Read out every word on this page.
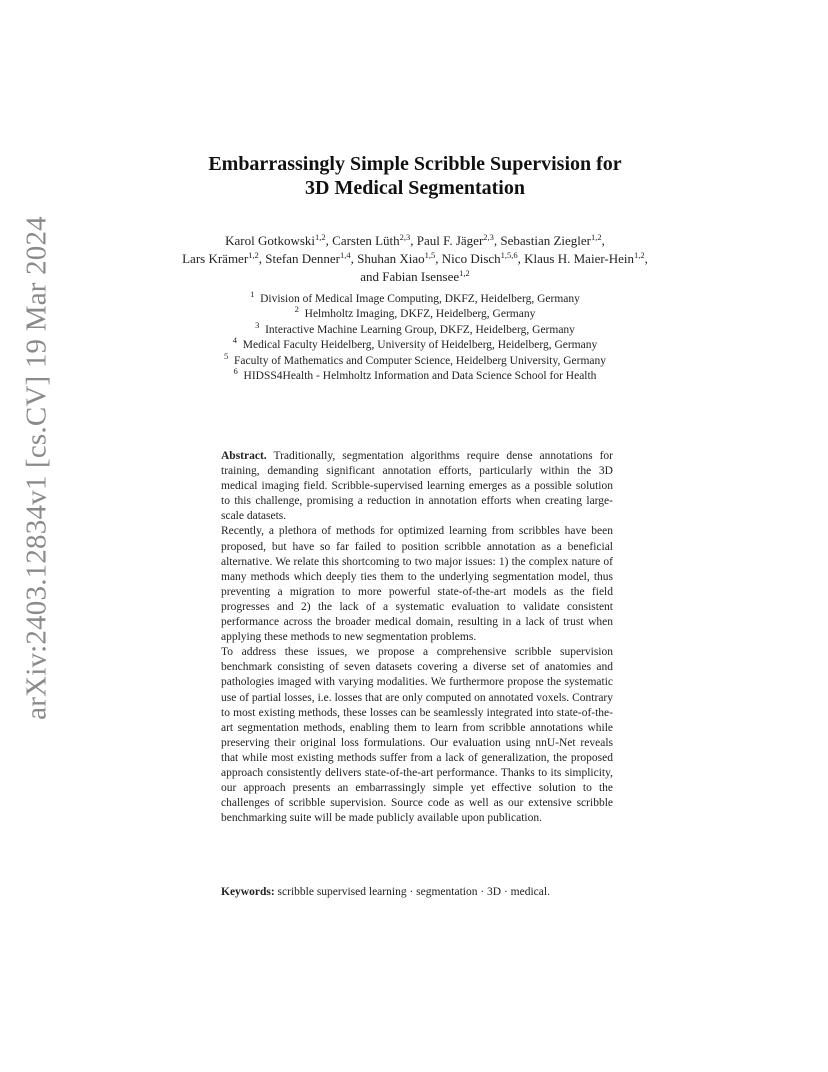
arXiv:2403.12834v1 [cs.CV] 19 Mar 2024
Embarrassingly Simple Scribble Supervision for
3D Medical Segmentation
Karol Gotkowski$^{1,2}$, Carsten Lüth$^{2,3}$, Paul F. Jäger$^{2,3}$, Sebastian Ziegler$^{1,2}$,
Lars Krämer$^{1,2}$, Stefan Denner$^{1,4}$, Shuhan Xiao$^{1,5}$, Nico Disch$^{1,5,6}$, Klaus H. Maier-Hein$^{1,2}$, and Fabian Isensee$^{1,2}$
$^1$ Division of Medical Image Computing, DKFZ, Heidelberg, Germany
$^2$ Helmholtz Imaging, DKFZ, Heidelberg, Germany
$^3$ Interactive Machine Learning Group, DKFZ, Heidelberg, Germany
$^4$ Medical Faculty Heidelberg, University of Heidelberg, Heidelberg, Germany
$^5$ Faculty of Mathematics and Computer Science, Heidelberg University, Germany
$^6$ HIDSS4Health - Helmholtz Information and Data Science School for Health

Abstract. Traditionally, segmentation algorithms require dense annotations for training, demanding significant annotation efforts, particularly within the 3D medical imaging field. Scribble-supervised learning emerges as a possible solution to this challenge, promising a reduction in annotation efforts when creating large-scale datasets.

Recently, a plethora of methods for optimized learning from scribbles have been proposed, but have so far failed to position scribble annotation as a beneficial alternative. We relate this shortcoming to two major issues: 1) the complex nature of many methods which deeply ties them to the underlying segmentation model, thus preventing a migration to more powerful state-of-the-art models as the field progresses and 2) the lack of a systematic evaluation to validate consistent performance across the broader medical domain, resulting in a lack of trust when applying these methods to new segmentation problems.

To address these issues, we propose a comprehensive scribble supervision benchmark consisting of seven datasets covering a diverse set of anatomies and pathologies imaged with varying modalities. We furthermore propose the systematic use of partial losses, i.e. losses that are only computed on annotated voxels. Contrary to most existing methods, these losses can be seamlessly integrated into state-of-the-art segmentation methods, enabling them to learn from scribble annotations while preserving their original loss formulations. Our evaluation using nnU-Net reveals that while most existing methods suffer from a lack of generalization, the proposed approach consistently delivers state-of-the-art performance. Thanks to its simplicity, our approach presents an embarrassingly simple yet effective solution to the challenges of scribble supervision. Source code as well as our extensive scribble benchmarking suite will be made publicly available upon publication.

Keywords: scribble supervised learning · segmentation · 3D · medical.
